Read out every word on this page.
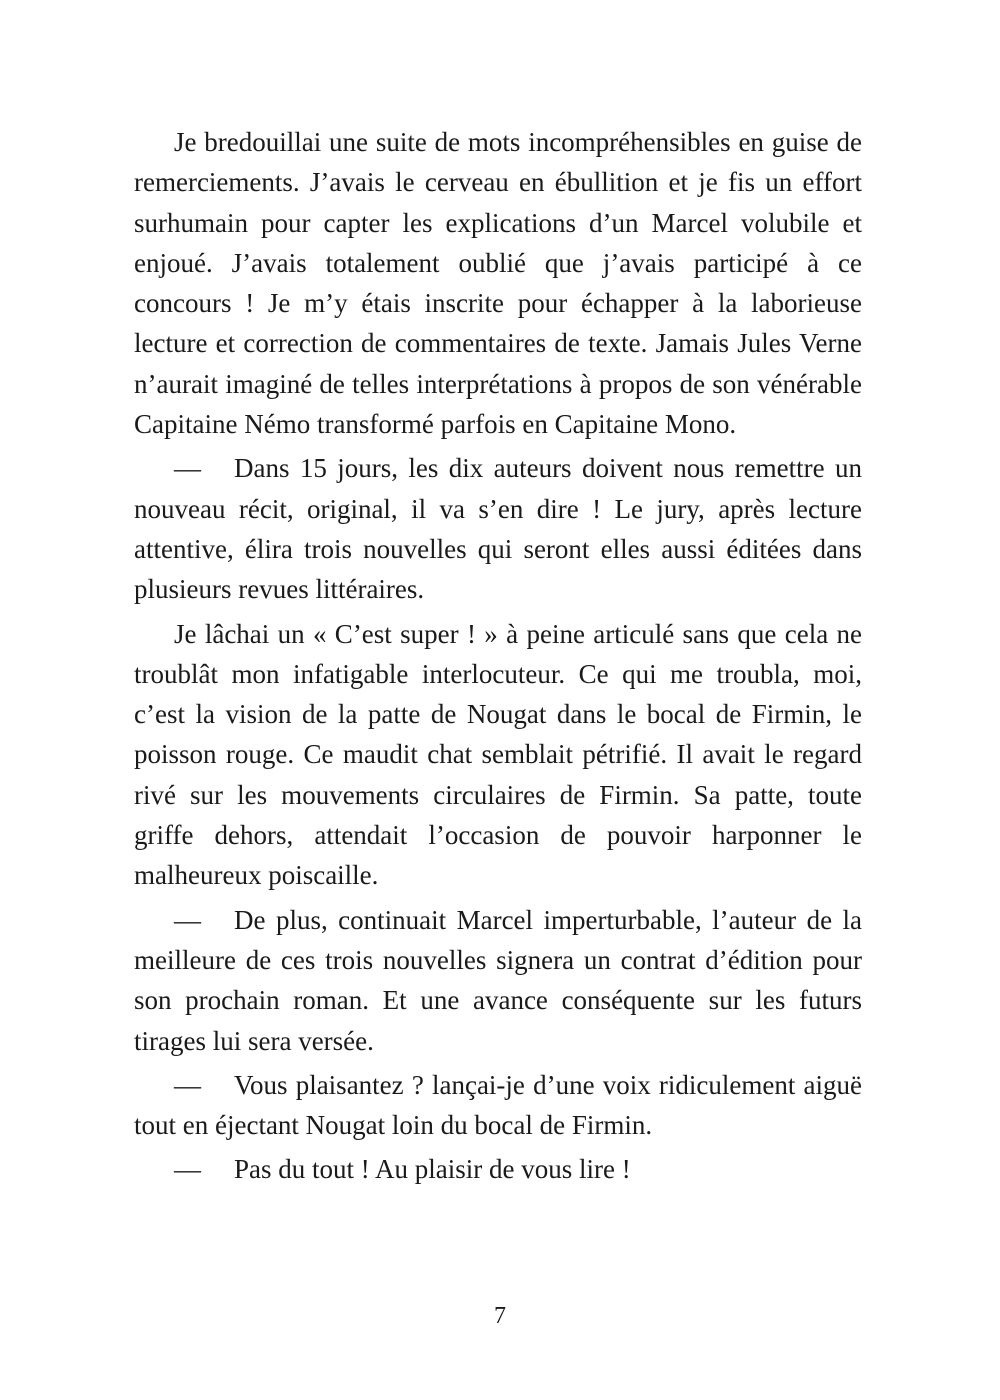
Je bredouillai une suite de mots incompréhensibles en guise de remerciements. J’avais le cerveau en ébullition et je fis un effort surhumain pour capter les explications d’un Marcel volubile et enjoué. J’avais totalement oublié que j’avais participé à ce concours ! Je m’y étais inscrite pour échapper à la laborieuse lecture et correction de commentaires de texte. Jamais Jules Verne n’aurait imaginé de telles interprétations à propos de son vénérable Capitaine Némo transformé parfois en Capitaine Mono.

— Dans 15 jours, les dix auteurs doivent nous remettre un nouveau récit, original, il va s’en dire ! Le jury, après lecture attentive, élira trois nouvelles qui seront elles aussi éditées dans plusieurs revues littéraires.

Je lâchai un « C’est super ! » à peine articulé sans que cela ne troublât mon infatigable interlocuteur. Ce qui me troubla, moi, c’est la vision de la patte de Nougat dans le bocal de Firmin, le poisson rouge. Ce maudit chat semblait pétrifié. Il avait le regard rivé sur les mouvements circulaires de Firmin. Sa patte, toute griffe dehors, attendait l’occasion de pouvoir harponner le malheureux poiscaille.

— De plus, continuait Marcel imperturbable, l’auteur de la meilleure de ces trois nouvelles signera un contrat d’édition pour son prochain roman. Et une avance conséquente sur les futurs tirages lui sera versée.

— Vous plaisantez ? lançai-je d’une voix ridiculement aiguë tout en éjectant Nougat loin du bocal de Firmin.

— Pas du tout ! Au plaisir de vous lire !

7
